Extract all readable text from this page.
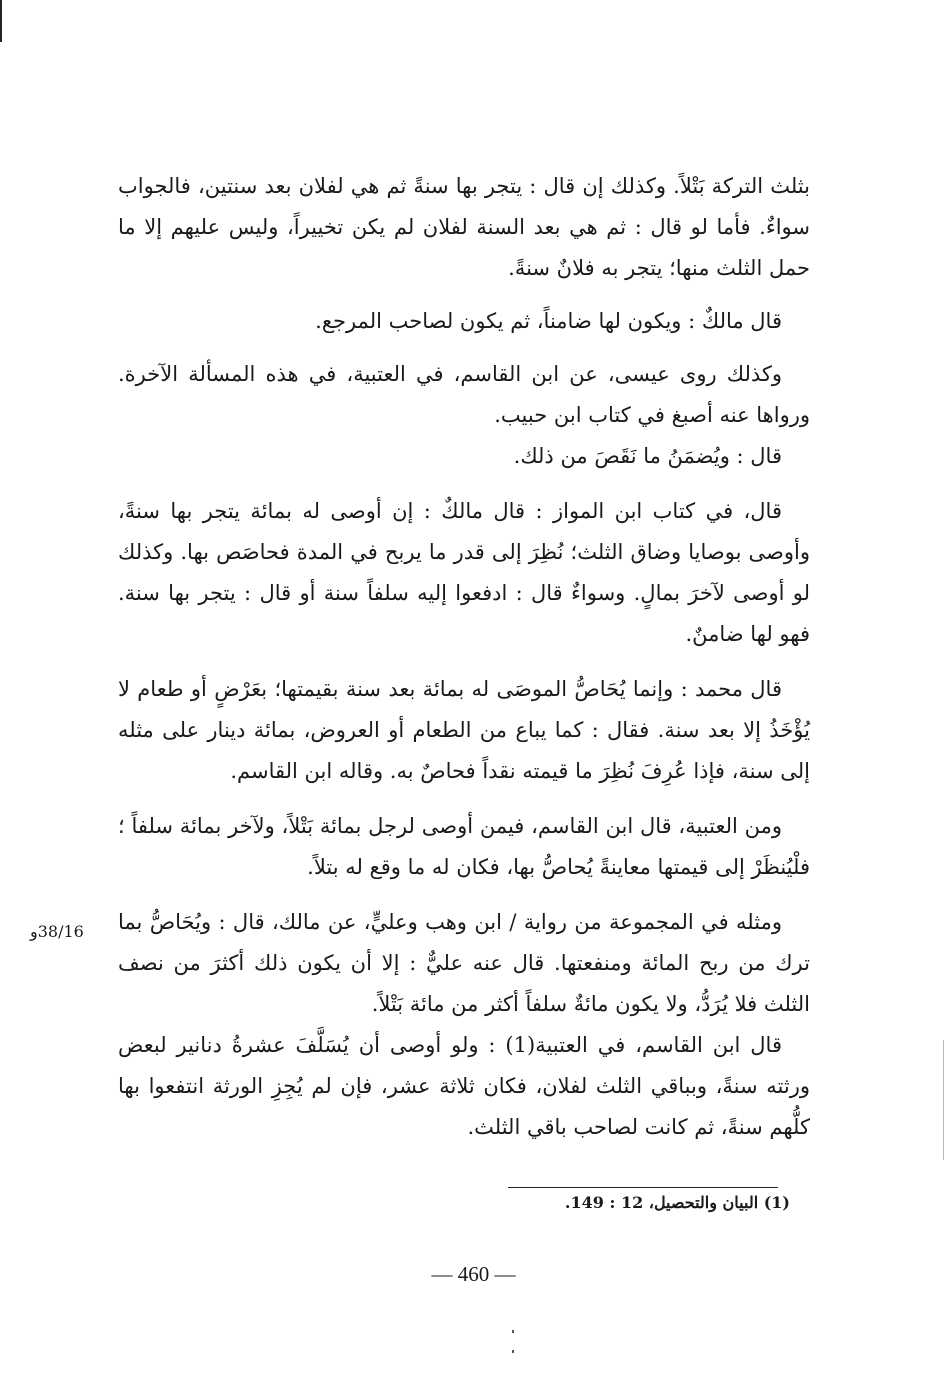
بثلث التركة بَتْلاً. وكذلك إن قال : يتجر بها سنةً ثم هي لفلان بعد سنتين، فالجواب سواءٌ. فأما لو قال : ثم هي بعد السنة لفلان لم يكن تخييراً، وليس عليهم إلا ما حمل الثلث منها؛ يتجر به فلانٌ سنةً.

قال مالكٌ : ويكون لها ضامناً، ثم يكون لصاحب المرجع.

وكذلك روى عيسى، عن ابن القاسم، في العتبية، في هذه المسألة الآخرة. ورواها عنه أصبغ في كتاب ابن حبيب.

قال : ويُضمَنُ ما نَقَصَ من ذلك.

قال، في كتاب ابن المواز : قال مالكٌ : إن أوصى له بمائة يتجر بها سنةً، وأوصى بوصايا وضاق الثلث؛ نُظِرَ إلى قدر ما يربح في المدة فحاصَص بها. وكذلك لو أوصى لآخرَ بمالٍ. وسواءٌ قال : ادفعوا إليه سلفاً سنة أو قال : يتجر بها سنة. فهو لها ضامنٌ.

قال محمد : وإنما يُحَاصُّ الموصَى له بمائة بعد سنة بقيمتها؛ بعَرْضٍ أو طعام لا يُؤْخَذُ إلا بعد سنة. فقال : كما يباع من الطعام أو العروض، بمائة دينار على مثله إلى سنة، فإذا عُرِفَ نُظِرَ ما قيمته نقداً فحاصٌ به. وقاله ابن القاسم.

ومن العتبية، قال ابن القاسم، فيمن أوصى لرجل بمائة بَتْلاً، ولآخر بمائة سلفاً ؛ فلْيُنظَرْ إلى قيمتها معاينةً يُحاصُّ بها، فكان له ما وقع له بتلاً.

ومثله في المجموعة من رواية / ابن وهب وعليٍّ، عن مالك، قال : ويُحَاصُّ بما ترك من ربح المائة ومنفعتها. قال عنه عليٌّ : إلا أن يكون ذلك أكثرَ من نصف الثلث فلا يُرَدُّ، ولا يكون مائةٌ سلفاً أكثر من مائة بَتْلاً.

قال ابن القاسم، في العتبية(1) : ولو أوصى أن يُسَلَّفَ عشرةُ دنانير لبعض ورثته سنةً، وبباقي الثلث لفلان، فكان ثلاثة عشر، فإن لم يُجِزِ الورثة انتفعوا بها كلُّهم سنةً، ثم كانت لصاحب باقي الثلث.

38/16و
(1) البيان والتحصيل، 12 : 149.
— 460 —
